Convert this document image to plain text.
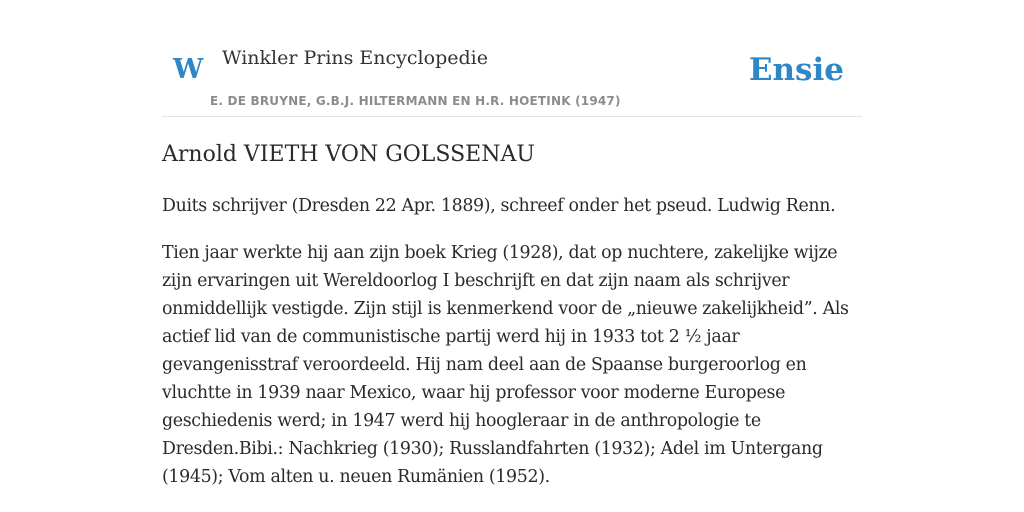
W Winkler Prins Encyclopedie
E. DE BRUYNE, G.B.J. HILTERMANN EN H.R. HOETINK (1947)
Ensie
Arnold VIETH VON GOLSSENAU

Duits schrijver (Dresden 22 Apr. 1889), schreef onder het pseud. Ludwig Renn.

Tien jaar werkte hij aan zijn boek Krieg (1928), dat op nuchtere, zakelijke wijze zijn ervaringen uit Wereldoorlog I beschrijft en dat zijn naam als schrijver onmiddellijk vestigde. Zijn stijl is kenmerkend voor de „nieuwe zakelijkheid”. Als actief lid van de communistische partij werd hij in 1933 tot 2 ½ jaar gevangenisstraf veroordeeld. Hij nam deel aan de Spaanse burgeroorlog en vluchtte in 1939 naar Mexico, waar hij professor voor moderne Europese geschiedenis werd; in 1947 werd hij hoogleraar in de anthropologie te Dresden.Bibi.: Nachkrieg (1930); Russlandfahrten (1932); Adel im Untergang (1945); Vom alten u. neuen Rumänien (1952).
